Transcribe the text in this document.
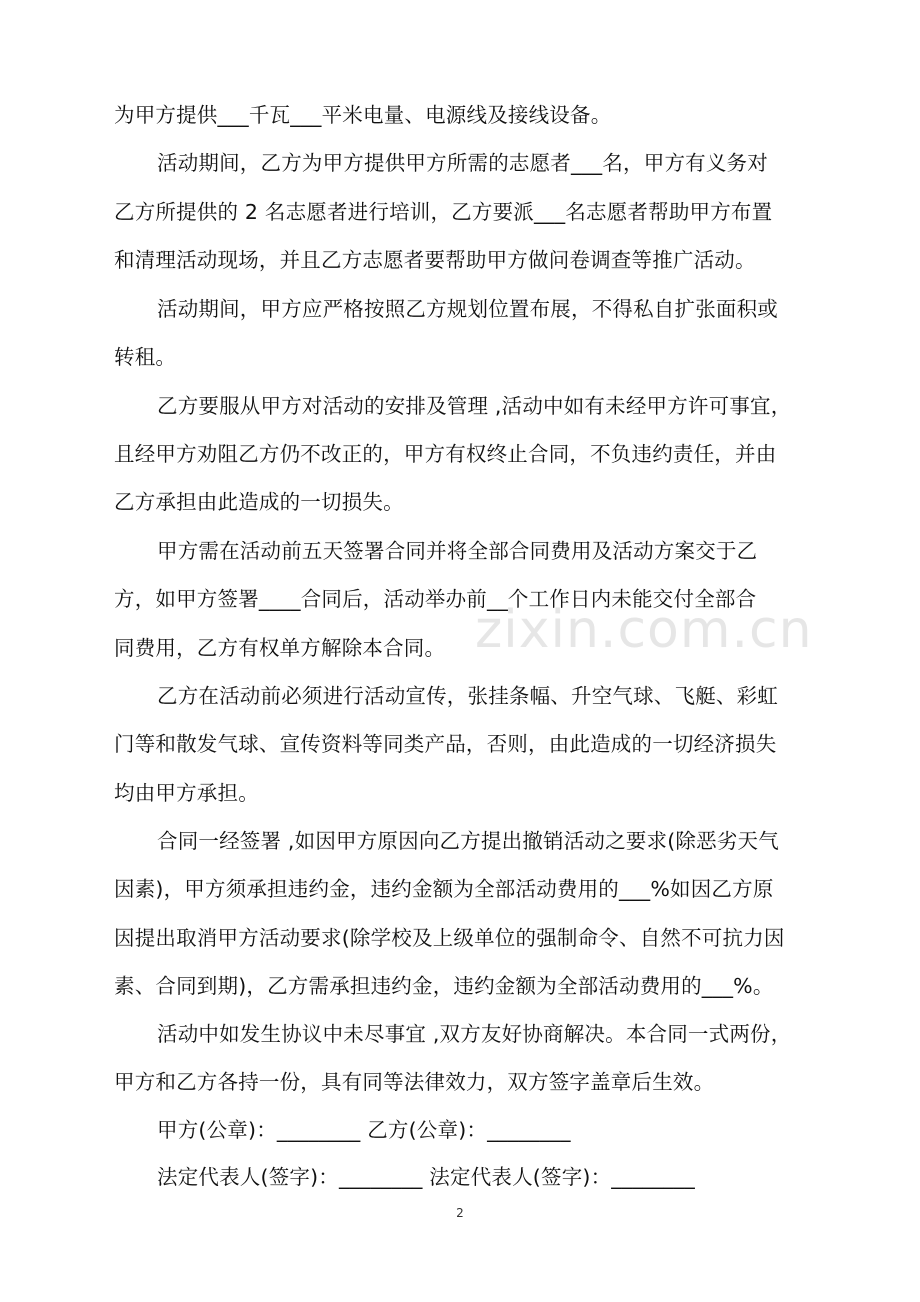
zixin.com.cn
为甲方提供___千瓦___平米电量、电源线及接线设备。
活动期间，乙方为甲方提供甲方所需的志愿者___名，甲方有义务对
乙方所提供的 2 名志愿者进行培训，乙方要派___名志愿者帮助甲方布置
和清理活动现场，并且乙方志愿者要帮助甲方做问卷调查等推广活动。
活动期间，甲方应严格按照乙方规划位置布展，不得私自扩张面积或
转租。
乙方要服从甲方对活动的安排及管理 ,活动中如有未经甲方许可事宜，
且经甲方劝阻乙方仍不改正的，甲方有权终止合同，不负违约责任，并由
乙方承担由此造成的一切损失。
甲方需在活动前五天签署合同并将全部合同费用及活动方案交于乙
方，如甲方签署____合同后，活动举办前__个工作日内未能交付全部合
同费用，乙方有权单方解除本合同。
乙方在活动前必须进行活动宣传，张挂条幅、升空气球、飞艇、彩虹
门等和散发气球、宣传资料等同类产品，否则，由此造成的一切经济损失
均由甲方承担。
合同一经签署 ,如因甲方原因向乙方提出撤销活动之要求(除恶劣天气
因素)，甲方须承担违约金，违约金额为全部活动费用的___%如因乙方原
因提出取消甲方活动要求(除学校及上级单位的强制命令、自然不可抗力因
素、合同到期)，乙方需承担违约金，违约金额为全部活动费用的___%。
活动中如发生协议中未尽事宜 ,双方友好协商解决。本合同一式两份，
甲方和乙方各持一份，具有同等法律效力，双方签字盖章后生效。
甲方(公章)：________ 乙方(公章)：________
法定代表人(签字)：________ 法定代表人(签字)：________
2
